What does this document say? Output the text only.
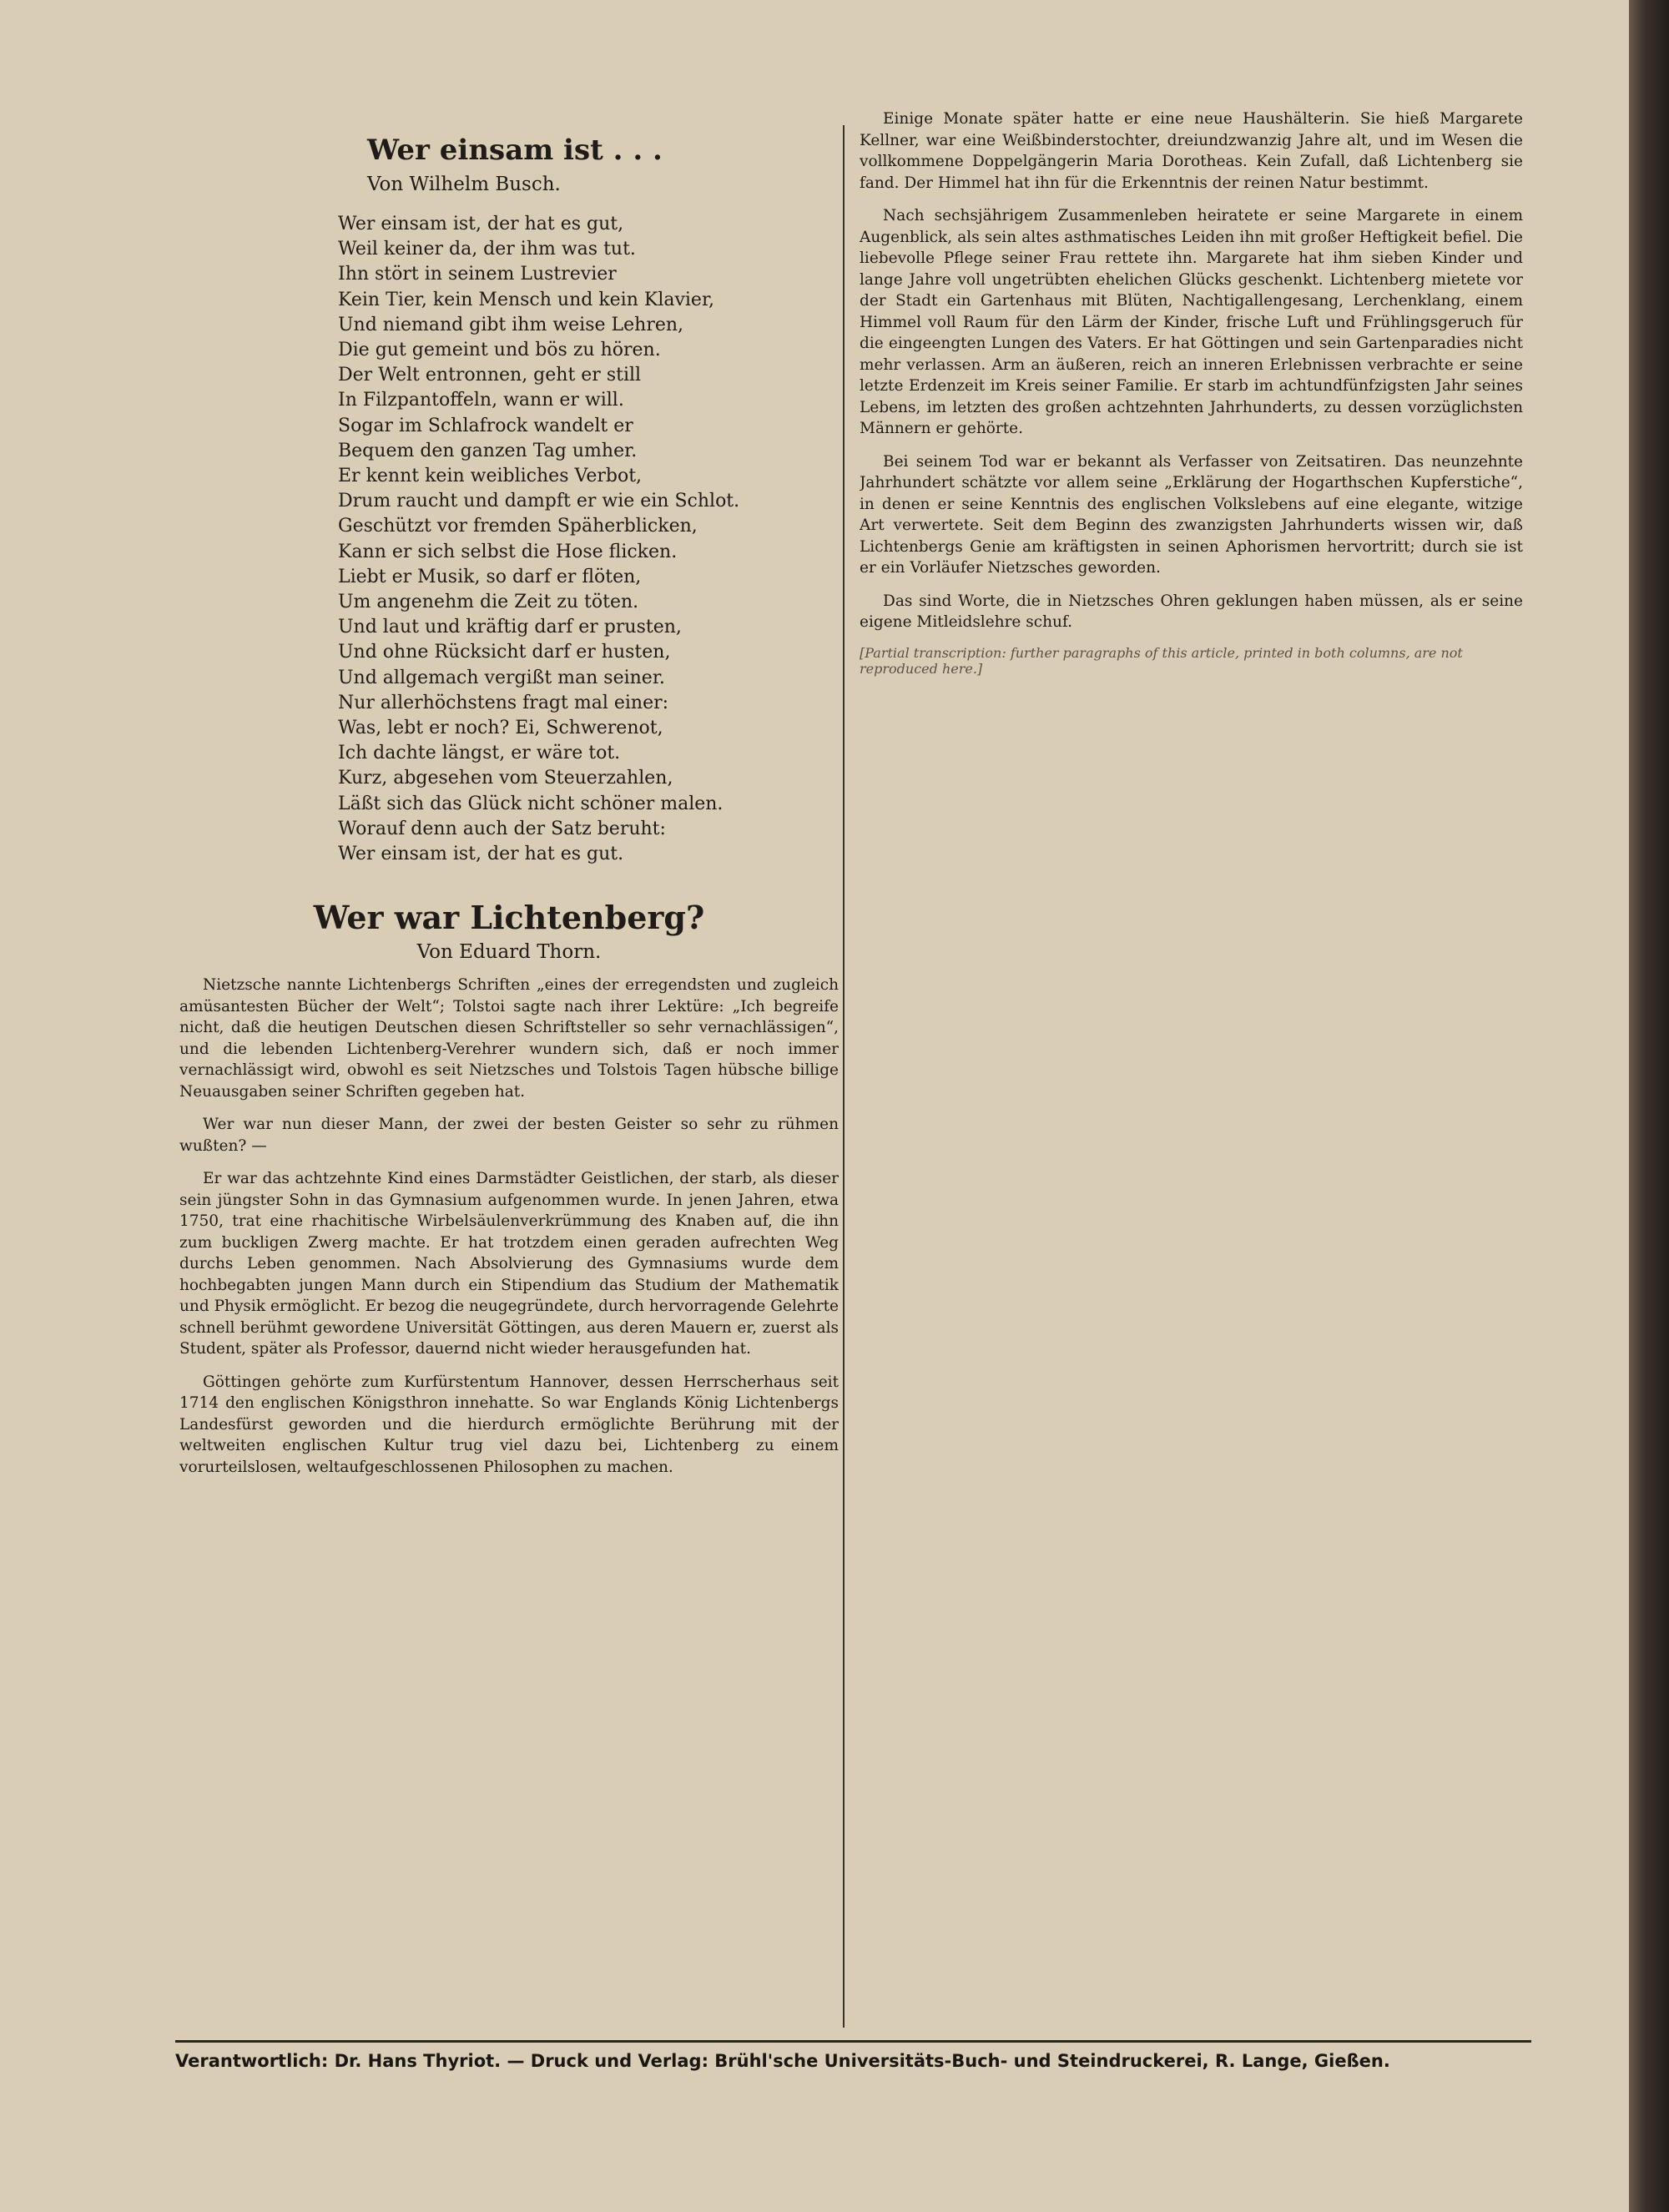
Wer einsam ist . . .
Von Wilhelm Busch.
Wer einsam ist, der hat es gut,
Weil keiner da, der ihm was tut.
Ihn stört in seinem Lustrevier
Kein Tier, kein Mensch und kein Klavier,
Und niemand gibt ihm weise Lehren,
Die gut gemeint und bös zu hören.
Der Welt entronnen, geht er still
In Filzpantoffeln, wann er will.
Sogar im Schlafrock wandelt er
Bequem den ganzen Tag umher.
Er kennt kein weibliches Verbot,
Drum raucht und dampft er wie ein Schlot.
Geschützt vor fremden Späherblicken,
Kann er sich selbst die Hose flicken.
Liebt er Musik, so darf er flöten,
Um angenehm die Zeit zu töten.
Und laut und kräftig darf er prusten,
Und ohne Rücksicht darf er husten,
Und allgemach vergißt man seiner.
Nur allerhöchstens fragt mal einer:
Was, lebt er noch? Ei, Schwerenot,
Ich dachte längst, er wäre tot.
Kurz, abgesehen vom Steuerzahlen,
Läßt sich das Glück nicht schöner malen.
Worauf denn auch der Satz beruht:
Wer einsam ist, der hat es gut.
Wer war Lichtenberg?
Von Eduard Thorn.

Nietzsche nannte Lichtenbergs Schriften „eines der erregendsten und zugleich amüsantesten Bücher der Welt“; Tolstoi sagte nach ihrer Lektüre: „Ich begreife nicht, daß die heutigen Deutschen diesen Schriftsteller so sehr vernachlässigen“, und die lebenden Lichtenberg-Verehrer wundern sich, daß er noch immer vernachlässigt wird, obwohl es seit Nietzsches und Tolstois Tagen hübsche billige Neuausgaben seiner Schriften gegeben hat.

Wer war nun dieser Mann, der zwei der besten Geister so sehr zu rühmen wußten? —

Er war das achtzehnte Kind eines Darmstädter Geistlichen, der starb, als dieser sein jüngster Sohn in das Gymnasium aufgenommen wurde. In jenen Jahren, etwa 1750, trat eine rhachitische Wirbelsäulenverkrümmung des Knaben auf, die ihn zum buckligen Zwerg machte. Er hat trotzdem einen geraden aufrechten Weg durchs Leben genommen. Nach Absolvierung des Gymnasiums wurde dem hochbegabten jungen Mann durch ein Stipendium das Studium der Mathematik und Physik ermöglicht. Er bezog die neugegründete, durch hervorragende Gelehrte schnell berühmt gewordene Universität Göttingen, aus deren Mauern er, zuerst als Student, später als Professor, dauernd nicht wieder herausgefunden hat.

Göttingen gehörte zum Kurfürstentum Hannover, dessen Herrscherhaus seit 1714 den englischen Königsthron innehatte. So war Englands König Lichtenbergs Landesfürst geworden und die hierdurch ermöglichte Berührung mit der weltweiten englischen Kultur trug viel dazu bei, Lichtenberg zu einem vorurteilslosen, weltaufgeschlossenen Philosophen zu machen.

Einige Monate später hatte er eine neue Haushälterin. Sie hieß Margarete Kellner, war eine Weißbinderstochter, dreiundzwanzig Jahre alt, und im Wesen die vollkommene Doppelgängerin Maria Dorotheas. Kein Zufall, daß Lichtenberg sie fand. Der Himmel hat ihn für die Erkenntnis der reinen Natur bestimmt.

Nach sechsjährigem Zusammenleben heiratete er seine Margarete in einem Augenblick, als sein altes asthmatisches Leiden ihn mit großer Heftigkeit befiel. Die liebevolle Pflege seiner Frau rettete ihn. Margarete hat ihm sieben Kinder und lange Jahre voll ungetrübten ehelichen Glücks geschenkt. Lichtenberg mietete vor der Stadt ein Gartenhaus mit Blüten, Nachtigallengesang, Lerchenklang, einem Himmel voll Raum für den Lärm der Kinder, frische Luft und Frühlingsgeruch für die eingeengten Lungen des Vaters. Er hat Göttingen und sein Gartenparadies nicht mehr verlassen. Arm an äußeren, reich an inneren Erlebnissen verbrachte er seine letzte Erdenzeit im Kreis seiner Familie. Er starb im achtundfünfzigsten Jahr seines Lebens, im letzten des großen achtzehnten Jahrhunderts, zu dessen vorzüglichsten Männern er gehörte.

Bei seinem Tod war er bekannt als Verfasser von Zeitsatiren. Das neunzehnte Jahrhundert schätzte vor allem seine „Erklärung der Hogarthschen Kupferstiche“, in denen er seine Kenntnis des englischen Volkslebens auf eine elegante, witzige Art verwertete. Seit dem Beginn des zwanzigsten Jahrhunderts wissen wir, daß Lichtenbergs Genie am kräftigsten in seinen Aphorismen hervortritt; durch sie ist er ein Vorläufer Nietzsches geworden.

Das sind Worte, die in Nietzsches Ohren geklungen haben müssen, als er seine eigene Mitleidslehre schuf.

[Partial transcription: further paragraphs of this article, printed in both columns, are not reproduced here.]

Verantwortlich: Dr. Hans Thyriot. — Druck und Verlag: Brühl'sche Universitäts-Buch- und Steindruckerei, R. Lange, Gießen.
